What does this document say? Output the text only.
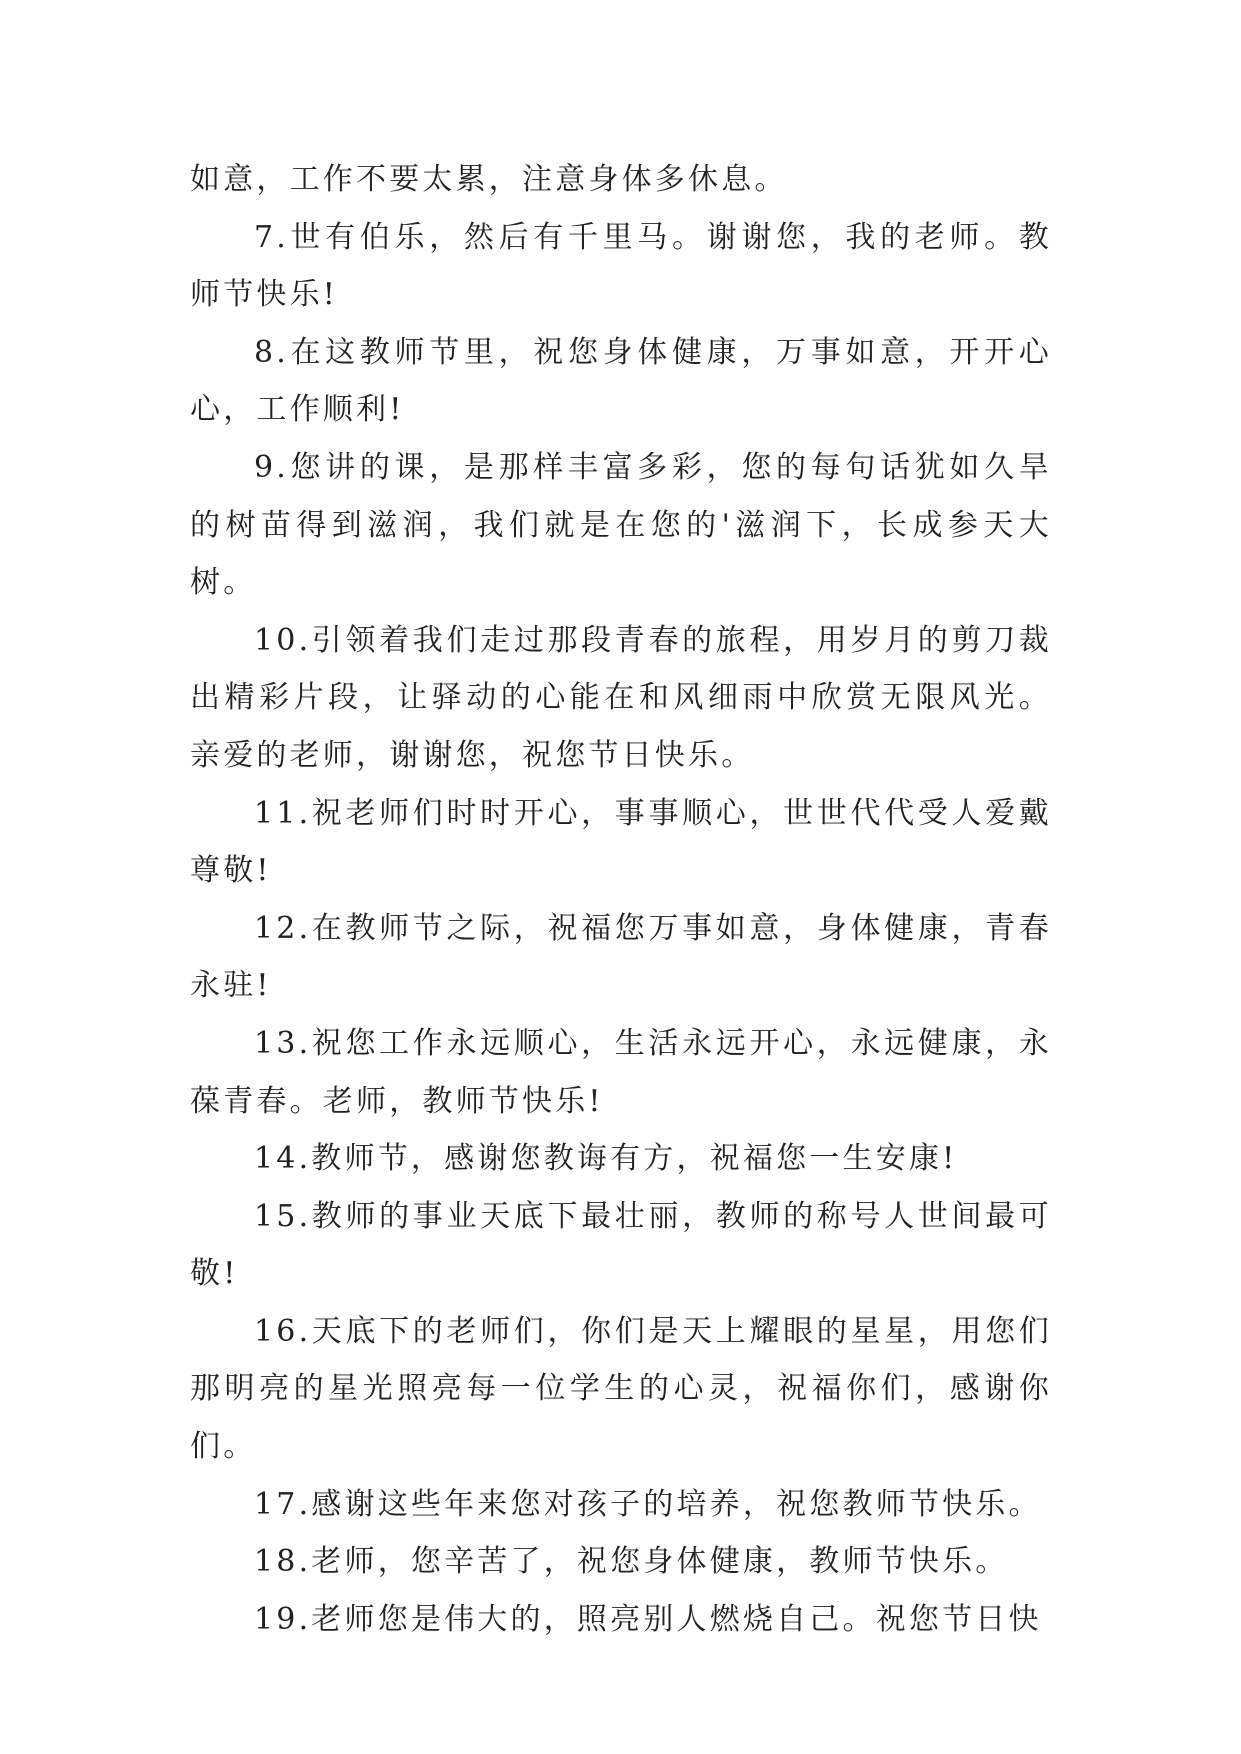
如意，工作不要太累，注意身体多休息。

7.世有伯乐，然后有千里马。谢谢您，我的老师。教师节快乐!

8.在这教师节里，祝您身体健康，万事如意，开开心心，工作顺利!

9.您讲的课，是那样丰富多彩，您的每句话犹如久旱的树苗得到滋润，我们就是在您的'滋润下，长成参天大树。

10.引领着我们走过那段青春的旅程，用岁月的剪刀裁出精彩片段，让驿动的心能在和风细雨中欣赏无限风光。亲爱的老师，谢谢您，祝您节日快乐。

11.祝老师们时时开心，事事顺心，世世代代受人爱戴尊敬!

12.在教师节之际，祝福您万事如意，身体健康，青春永驻!

13.祝您工作永远顺心，生活永远开心，永远健康，永葆青春。老师，教师节快乐!

14.教师节，感谢您教诲有方，祝福您一生安康!

15.教师的事业天底下最壮丽，教师的称号人世间最可敬!

16.天底下的老师们，你们是天上耀眼的星星，用您们那明亮的星光照亮每一位学生的心灵，祝福你们，感谢你们。

17.感谢这些年来您对孩子的培养，祝您教师节快乐。

18.老师，您辛苦了，祝您身体健康，教师节快乐。

19.老师您是伟大的，照亮别人燃烧自己。祝您节日快
